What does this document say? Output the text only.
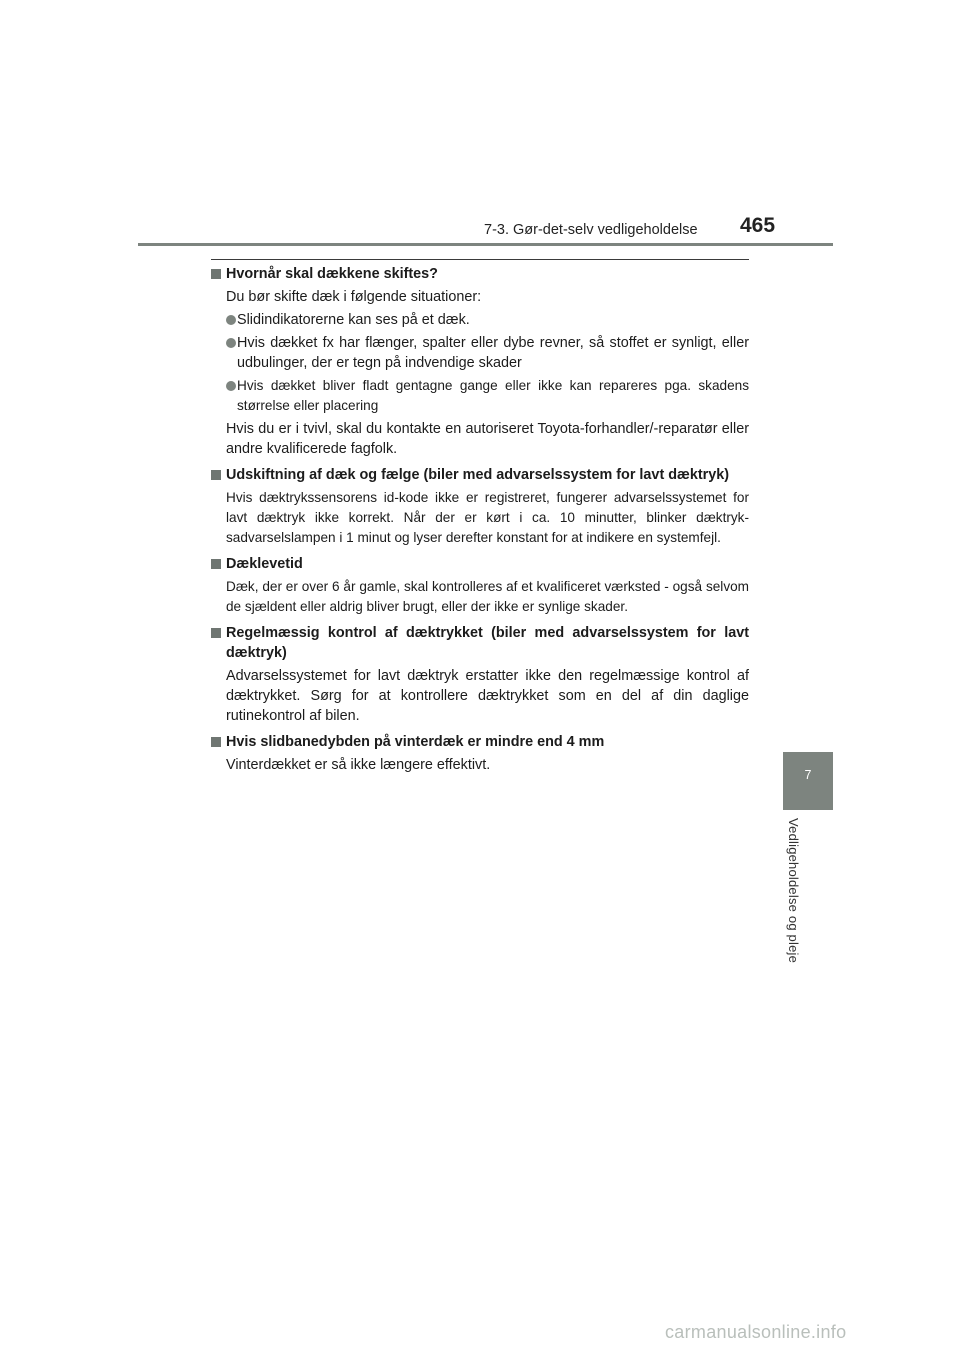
7-3. Gør-det-selv vedligeholdelse 465
7
Vedligeholdelse og pleje
Hvornår skal dækkene skiftes?
Du bør skifte dæk i følgende situationer:
Slidindikatorerne kan ses på et dæk.
Hvis dækket fx har flænger, spalter eller dybe revner, så stoffet er synligt, eller udbulinger, der er tegn på indvendige skader
Hvis dækket bliver fladt gentagne gange eller ikke kan repareres pga. skadens størrelse eller placering
Hvis du er i tvivl, skal du kontakte en autoriseret Toyota-forhandler/-reparatør eller andre kvalificerede fagfolk.
Udskiftning af dæk og fælge (biler med advarselssystem for lavt dæktryk)
Hvis dæktrykssensorens id-kode ikke er registreret, fungerer advarselssystemet for lavt dæktryk ikke korrekt. Når der er kørt i ca. 10 minutter, blinker dæktryk-sadvarselslampen i 1 minut og lyser derefter konstant for at indikere en systemfejl.
Dæklevetid
Dæk, der er over 6 år gamle, skal kontrolleres af et kvalificeret værksted - også selvom de sjældent eller aldrig bliver brugt, eller der ikke er synlige skader.
Regelmæssig kontrol af dæktrykket (biler med advarselssystem for lavt dæktryk)
Advarselssystemet for lavt dæktryk erstatter ikke den regelmæssige kontrol af dæktrykket. Sørg for at kontrollere dæktrykket som en del af din daglige rutinekontrol af bilen.
Hvis slidbanedybden på vinterdæk er mindre end 4 mm
Vinterdækket er så ikke længere effektivt.
carmanualsonline.info
